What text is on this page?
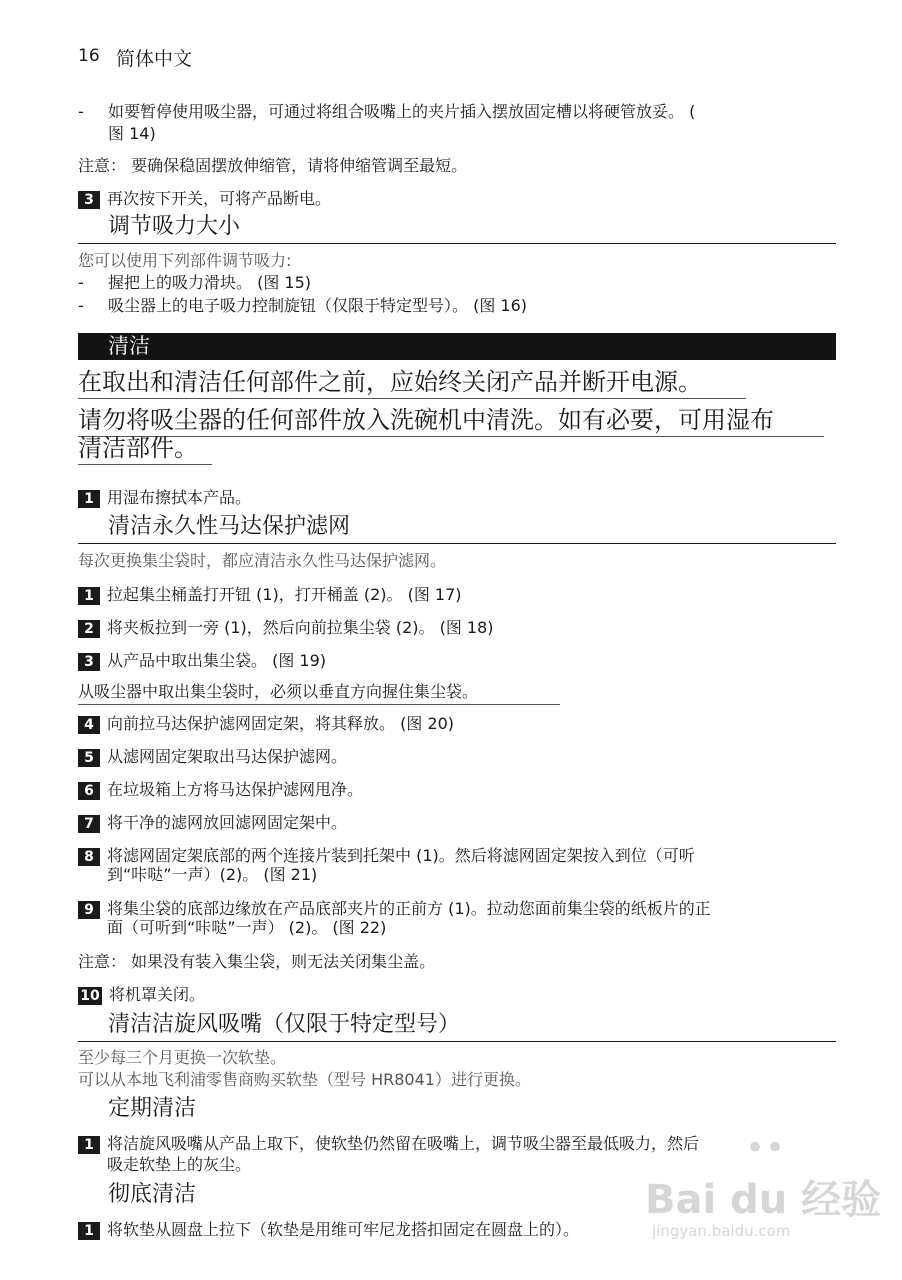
16 简体中文
- 如要暂停使用吸尘器，可通过将组合吸嘴上的夹片插入摆放固定槽以将硬管放妥。 (
图 14)
注意： 要确保稳固摆放伸缩管，请将伸缩管调至最短。
3 再次按下开关，可将产品断电。
调节吸力大小
您可以使用下列部件调节吸力:
- 握把上的吸力滑块。 (图 15)
- 吸尘器上的电子吸力控制旋钮（仅限于特定型号）。 (图 16)
清洁
在取出和清洁任何部件之前，应始终关闭产品并断开电源。
请勿将吸尘器的任何部件放入洗碗机中清洗。如有必要，可用湿布
清洁部件。
1 用湿布擦拭本产品。
清洁永久性马达保护滤网
每次更换集尘袋时，都应清洁永久性马达保护滤网。
1 拉起集尘桶盖打开钮 (1)，打开桶盖 (2)。 (图 17)
2 将夹板拉到一旁 (1)，然后向前拉集尘袋 (2)。 (图 18)
3 从产品中取出集尘袋。 (图 19)
从吸尘器中取出集尘袋时，必须以垂直方向握住集尘袋。
4 向前拉马达保护滤网固定架，将其释放。 (图 20)
5 从滤网固定架取出马达保护滤网。
6 在垃圾箱上方将马达保护滤网甩净。
7 将干净的滤网放回滤网固定架中。
8 将滤网固定架底部的两个连接片装到托架中 (1)。然后将滤网固定架按入到位（可听
到“咔哒”一声）(2)。 (图 21)
9 将集尘袋的底部边缘放在产品底部夹片的正前方 (1)。拉动您面前集尘袋的纸板片的正
面（可听到“咔哒”一声） (2)。 (图 22)
注意： 如果没有装入集尘袋，则无法关闭集尘盖。
10 将机罩关闭。
清洁洁旋风吸嘴（仅限于特定型号）
至少每三个月更换一次软垫。
可以从本地飞利浦零售商购买软垫（型号 HR8041）进行更换。
定期清洁
1 将洁旋风吸嘴从产品上取下，使软垫仍然留在吸嘴上，调节吸尘器至最低吸力，然后
吸走软垫上的灰尘。
彻底清洁
1 将软垫从圆盘上拉下（软垫是用维可牢尼龙搭扣固定在圆盘上的）。
Bai du 经验
••
jingyan.baidu.com
